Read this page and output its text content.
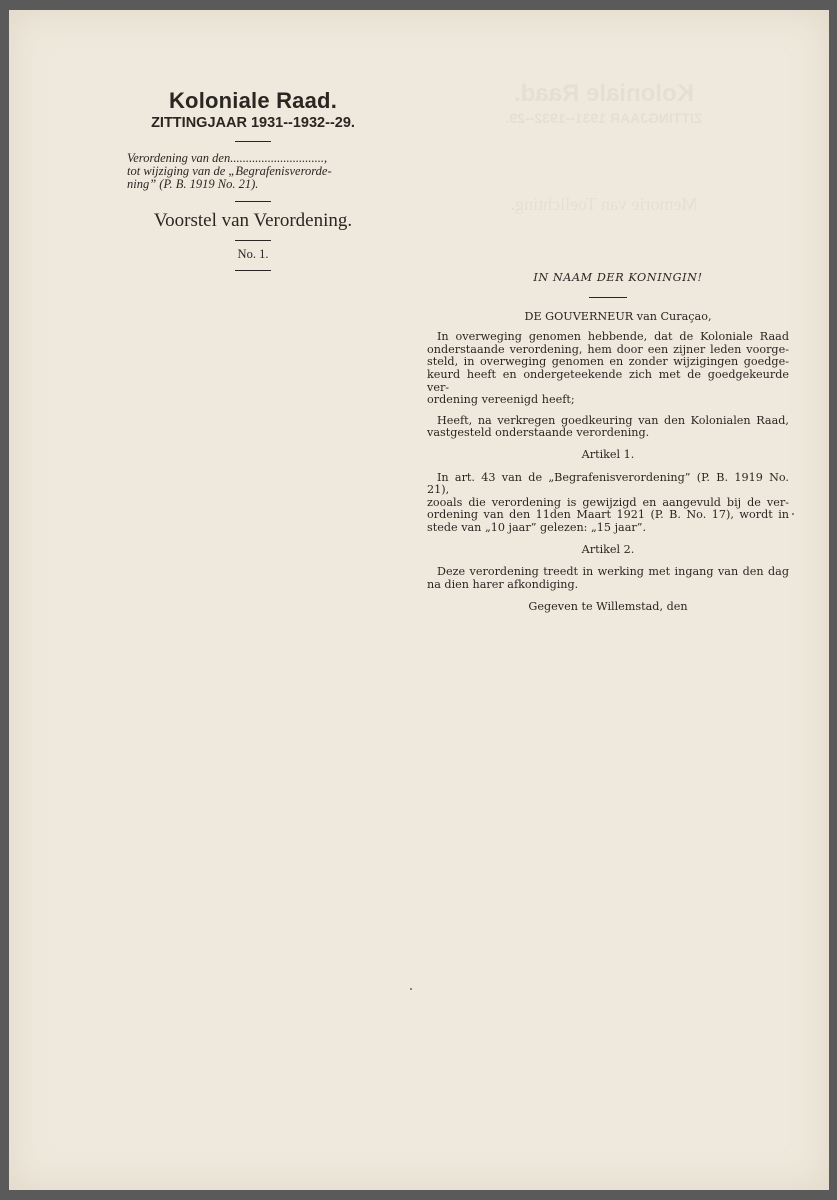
Koloniale Raad.
ZITTINGJAAR 1931--1932--29.
Memorie van Toelichting.
Koloniale Raad.
ZITTINGJAAR 1931--1932--29.
Verordening van den..............................,
tot wijziging van de „Begrafenisverorde-
ning” (P. B. 1919 No. 21).
Voorstel van Verordening.
No. 1.
IN NAAM DER KONINGIN!
DE GOUVERNEUR van Curaçao,
In overweging genomen hebbende, dat de Koloniale Raad
onderstaande verordening, hem door een zijner leden voorge-
steld, in overweging genomen en zonder wijzigingen goedge-
keurd heeft en ondergeteekende zich met de goedgekeurde ver-
ordening vereenigd heeft;
Heeft, na verkregen goedkeuring van den Kolonialen Raad,
vastgesteld onderstaande verordening.
Artikel 1.
In art. 43 van de „Begrafenisverordening” (P. B. 1919 No. 21),
zooals die verordening is gewijzigd en aangevuld bij de ver-
ordening van den 11den Maart 1921 (P. B. No. 17), wordt in
stede van „10 jaar” gelezen: „15 jaar”.
Artikel 2.
Deze verordening treedt in werking met ingang van den dag
na dien harer afkondiging.
Gegeven te Willemstad, den
